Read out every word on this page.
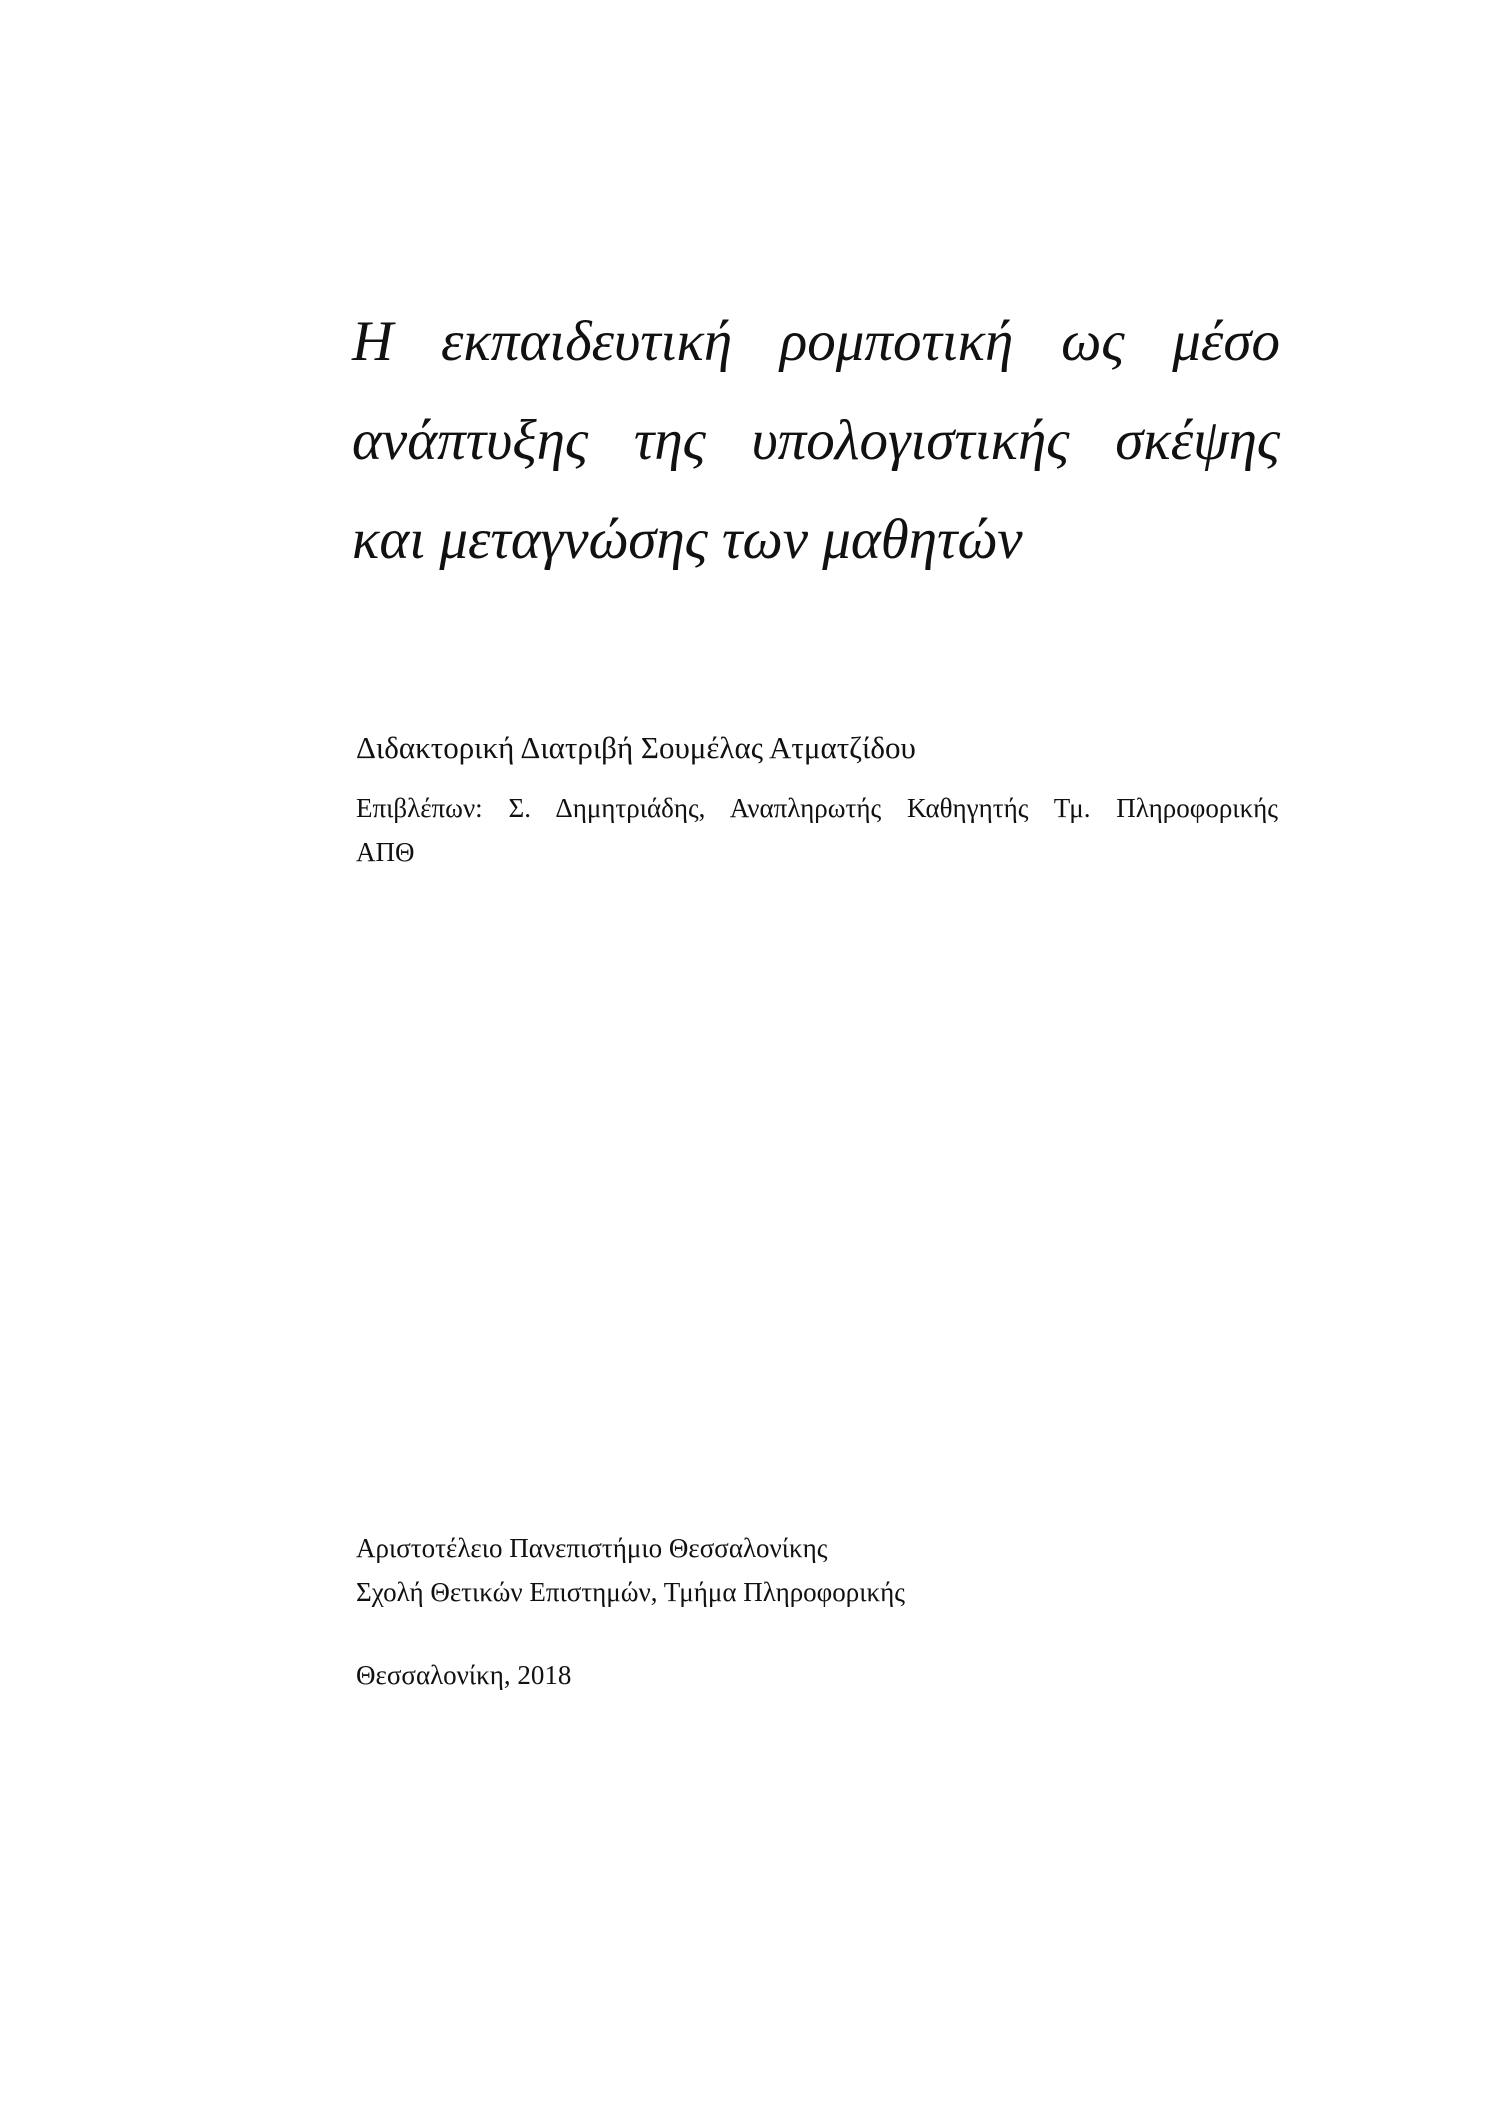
Η εκπαιδευτική ρομποτική ως μέσο
ανάπτυξης της υπολογιστικής σκέψης
και μεταγνώσης των μαθητών

Διδακτορική Διατριβή Σουμέλας Ατματζίδου

Επιβλέπων: Σ. Δημητριάδης, Αναπληρωτής Καθηγητής Τμ. Πληροφορικής
ΑΠΘ

Αριστοτέλειο Πανεπιστήμιο Θεσσαλονίκης
Σχολή Θετικών Επιστημών, Τμήμα Πληροφορικής

Θεσσαλονίκη, 2018
